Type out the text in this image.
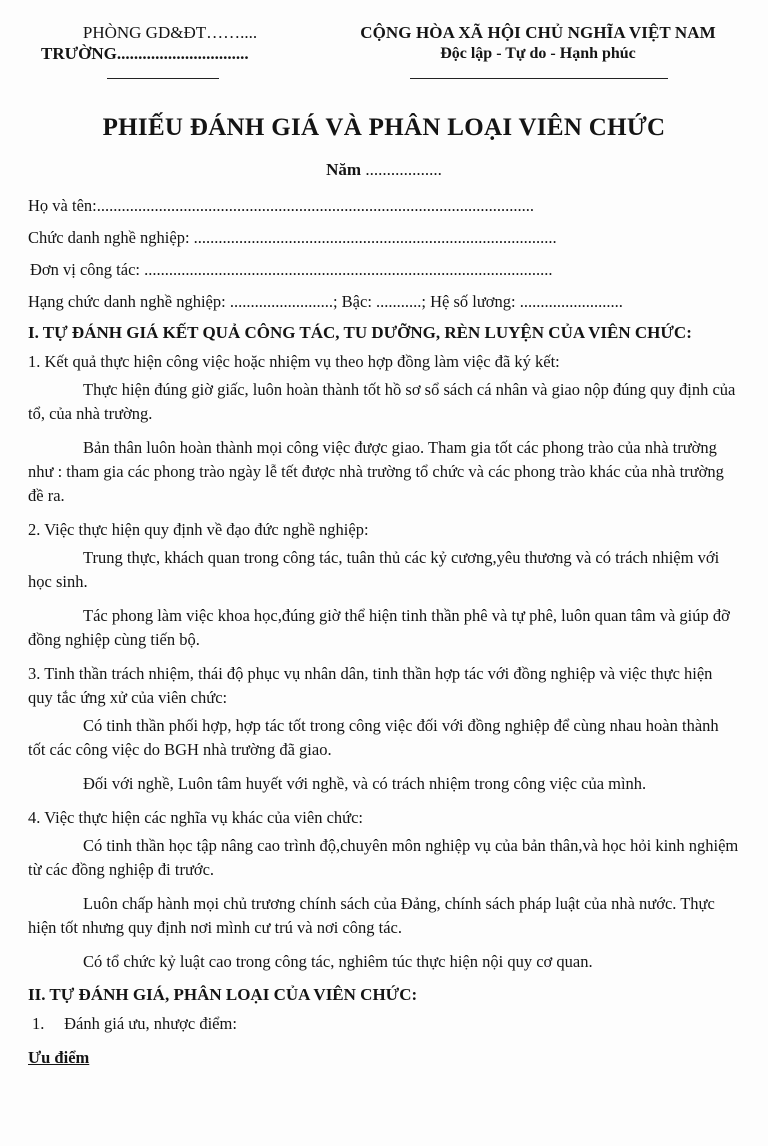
PHÒNG GD&ĐT……....
TRƯỜNG...............................
CỘNG HÒA XÃ HỘI CHỦ NGHĨA VIỆT NAM
Độc lập - Tự do - Hạnh phúc
PHIẾU ĐÁNH GIÁ VÀ PHÂN LOẠI VIÊN CHỨC
Năm ..................
Họ và tên:..........................................................................................................
Chức danh nghề nghiệp: ........................................................................................
Đơn vị công tác: ...................................................................................................
Hạng chức danh nghề nghiệp: .........................; Bậc: ...........; Hệ số lương: .........................
I. TỰ ĐÁNH GIÁ KẾT QUẢ CÔNG TÁC, TU DƯỠNG, RÈN LUYỆN CỦA VIÊN CHỨC:
1. Kết quả thực hiện công việc hoặc nhiệm vụ theo hợp đồng làm việc đã ký kết:
Thực hiện đúng giờ giấc, luôn hoàn thành tốt hồ sơ sổ sách cá nhân và giao nộp đúng quy định của tổ, của nhà trường.
Bản thân luôn hoàn thành mọi công việc được giao. Tham gia tốt các phong trào của nhà trường như : tham gia các phong trào ngày lễ tết được nhà trường tổ chức và các phong trào khác của nhà trường đề ra.
2. Việc thực hiện quy định về đạo đức nghề nghiệp:
Trung thực, khách quan trong công tác, tuân thủ các kỷ cương,yêu thương và có trách nhiệm với học sinh.
Tác phong làm việc khoa học,đúng giờ thể hiện tinh thần phê và tự phê, luôn quan tâm và giúp đỡ đồng nghiệp cùng tiến bộ.
3. Tinh thần trách nhiệm, thái độ phục vụ nhân dân, tinh thần hợp tác với đồng nghiệp và việc thực hiện quy tắc ứng xử của viên chức:
Có tinh thần phối hợp, hợp tác tốt trong công việc đối với đồng nghiệp để cùng nhau hoàn thành tốt các công việc do BGH nhà trường đã giao.
Đối với nghề, Luôn tâm huyết với nghề, và có trách nhiệm trong công việc của mình.
4. Việc thực hiện các nghĩa vụ khác của viên chức:
Có tinh thần học tập nâng cao trình độ,chuyên môn nghiệp vụ của bản thân,và học hỏi kinh nghiệm từ các đồng nghiệp đi trước.
Luôn chấp hành mọi chủ trương chính sách của Đảng, chính sách pháp luật của nhà nước. Thực hiện tốt nhưng quy định nơi mình cư trú và nơi công tác.
Có tổ chức kỷ luật cao trong công tác, nghiêm túc thực hiện nội quy cơ quan.
II. TỰ ĐÁNH GIÁ, PHÂN LOẠI CỦA VIÊN CHỨC:
1. Đánh giá ưu, nhược điểm:
Ưu điểm
